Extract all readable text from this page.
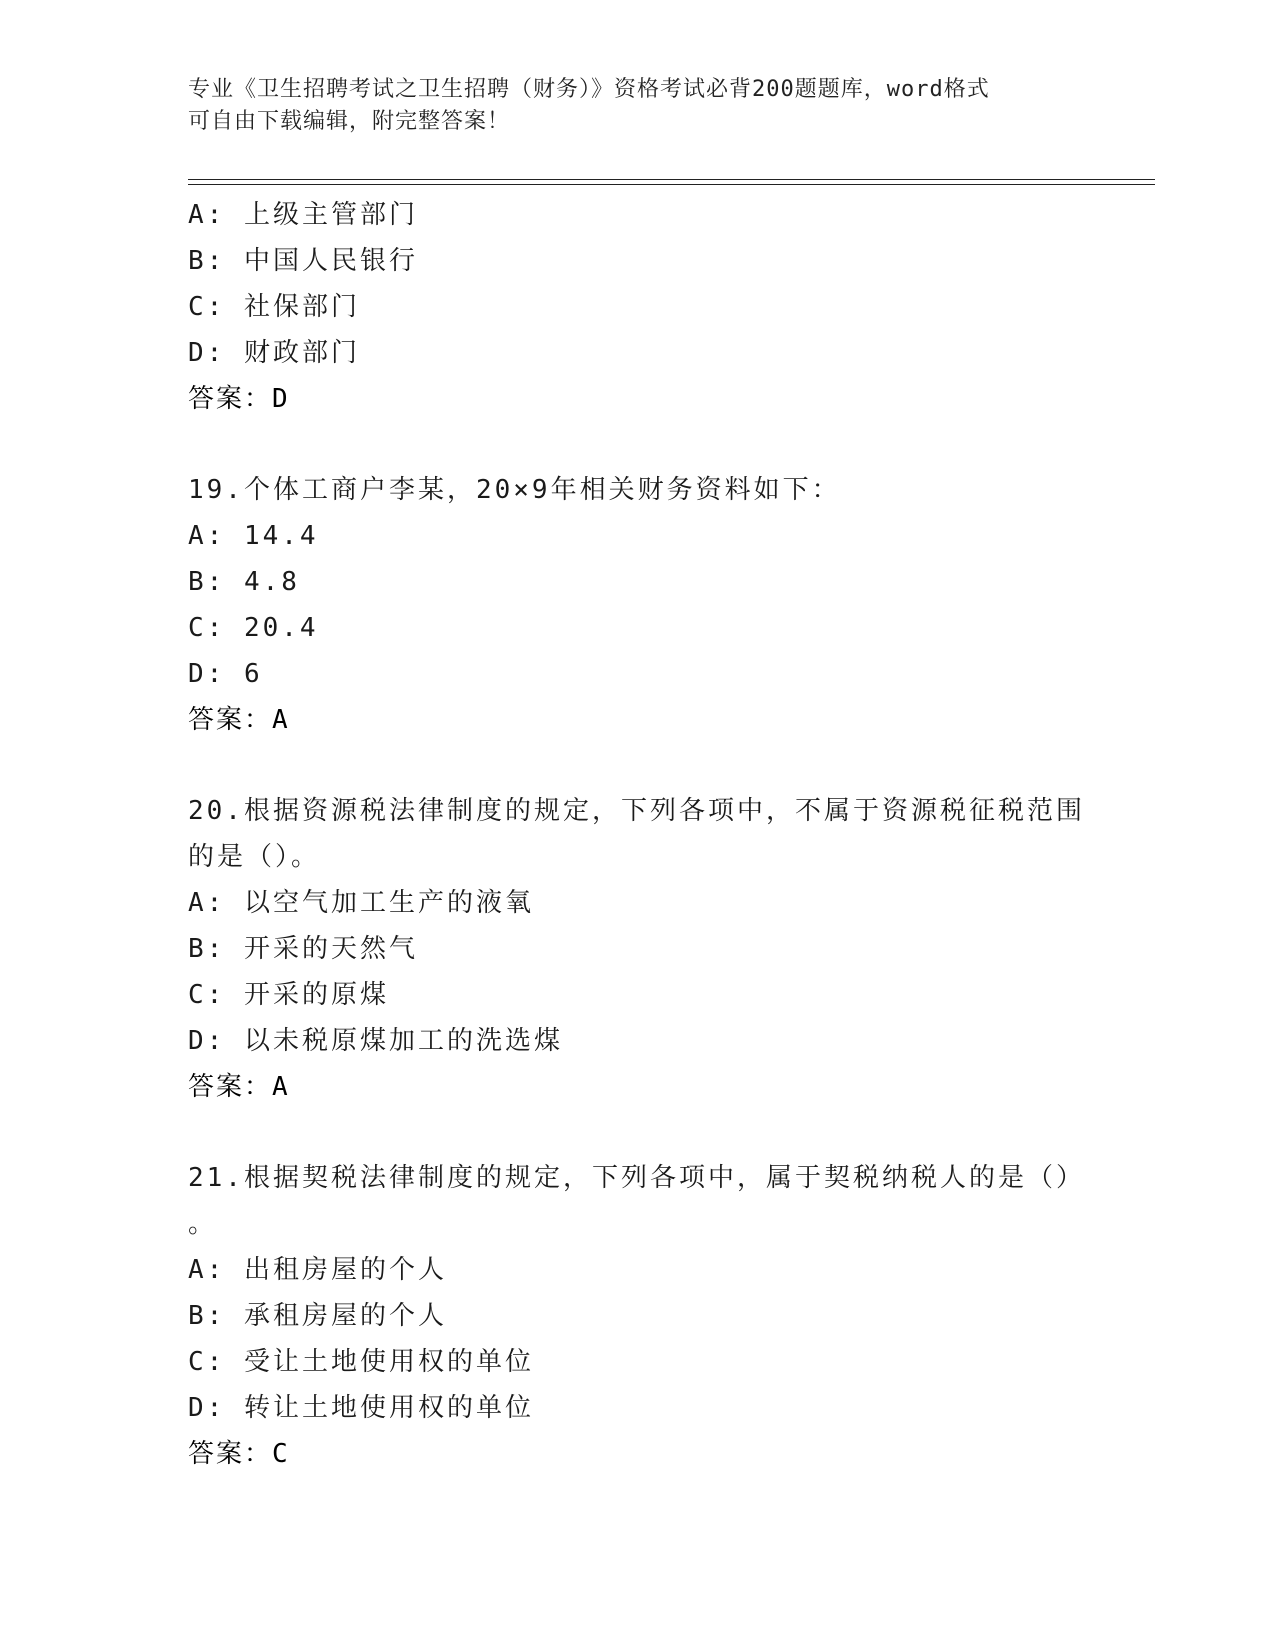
专业《卫生招聘考试之卫生招聘（财务）》资格考试必背200题题库，word格式
可自由下载编辑，附完整答案！
A: 上级主管部门
B: 中国人民银行
C: 社保部门
D: 财政部门
答案：D
19.个体工商户李某，20×9年相关财务资料如下：
A: 14.4
B: 4.8
C: 20.4
D: 6
答案：A
20.根据资源税法律制度的规定，下列各项中，不属于资源税征税范围
的是（）。
A: 以空气加工生产的液氧
B: 开采的天然气
C: 开采的原煤
D: 以未税原煤加工的洗选煤
答案：A
21.根据契税法律制度的规定，下列各项中，属于契税纳税人的是（）
。
A: 出租房屋的个人
B: 承租房屋的个人
C: 受让土地使用权的单位
D: 转让土地使用权的单位
答案：C
